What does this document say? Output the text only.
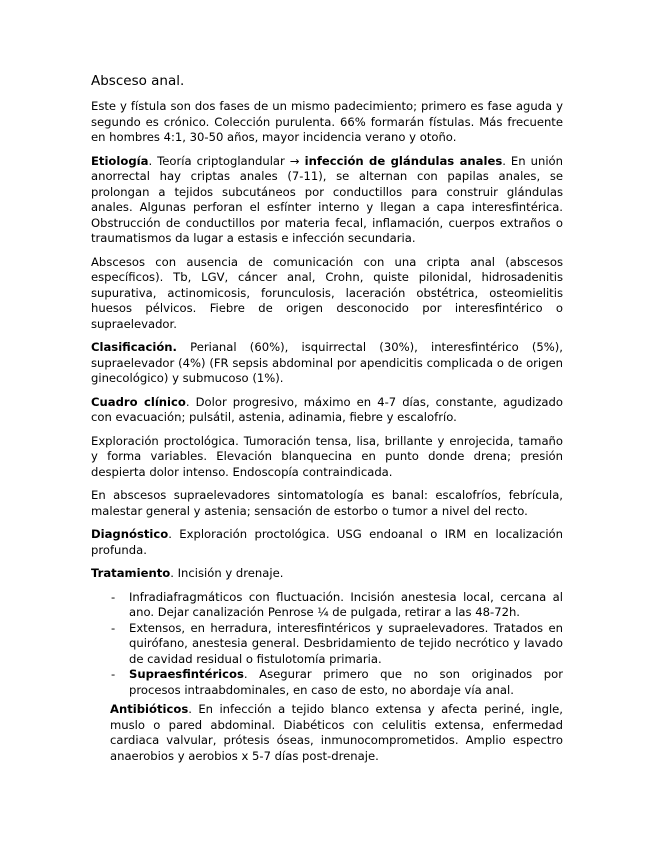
Absceso anal.

Este y fístula son dos fases de un mismo padecimiento; primero es fase aguda y segundo es crónico. Colección purulenta. 66% formarán fístulas. Más frecuente en hombres 4:1, 30-50 años, mayor incidencia verano y otoño.

Etiología. Teoría criptoglandular → infección de glándulas anales. En unión anorrectal hay criptas anales (7-11), se alternan con papilas anales, se prolongan a tejidos subcutáneos por conductillos para construir glándulas anales. Algunas perforan el esfínter interno y llegan a capa interesfintérica. Obstrucción de conductillos por materia fecal, inflamación, cuerpos extraños o traumatismos da lugar a estasis e infección secundaria.

Abscesos con ausencia de comunicación con una cripta anal (abscesos específicos). Tb, LGV, cáncer anal, Crohn, quiste pilonidal, hidrosadenitis supurativa, actinomicosis, forunculosis, laceración obstétrica, osteomielitis huesos pélvicos. Fiebre de origen desconocido por interesfintérico o supraelevador.

Clasificación. Perianal (60%), isquirrectal (30%), interesfintérico (5%), supraelevador (4%) (FR sepsis abdominal por apendicitis complicada o de origen ginecológico) y submucoso (1%).

Cuadro clínico. Dolor progresivo, máximo en 4-7 días, constante, agudizado con evacuación; pulsátil, astenia, adinamia, fiebre y escalofrío.

Exploración proctológica. Tumoración tensa, lisa, brillante y enrojecida, tamaño y forma variables. Elevación blanquecina en punto donde drena; presión despierta dolor intenso. Endoscopía contraindicada.

En abscesos supraelevadores sintomatología es banal: escalofríos, febrícula, malestar general y astenia; sensación de estorbo o tumor a nivel del recto.

Diagnóstico. Exploración proctológica. USG endoanal o IRM en localización profunda.

Tratamiento. Incisión y drenaje.

- Infradiafragmáticos con fluctuación. Incisión anestesia local, cercana al ano. Dejar canalización Penrose ¼ de pulgada, retirar a las 48-72h.
- Extensos, en herradura, interesfintéricos y supraelevadores. Tratados en quirófano, anestesia general. Desbridamiento de tejido necrótico y lavado de cavidad residual o fistulotomía primaria.
- Supraesfintéricos. Asegurar primero que no son originados por procesos intraabdominales, en caso de esto, no abordaje vía anal.

Antibióticos. En infección a tejido blanco extensa y afecta periné, ingle, muslo o pared abdominal. Diabéticos con celulitis extensa, enfermedad cardiaca valvular, prótesis óseas, inmunocomprometidos. Amplio espectro anaerobios y aerobios x 5-7 días post-drenaje.
